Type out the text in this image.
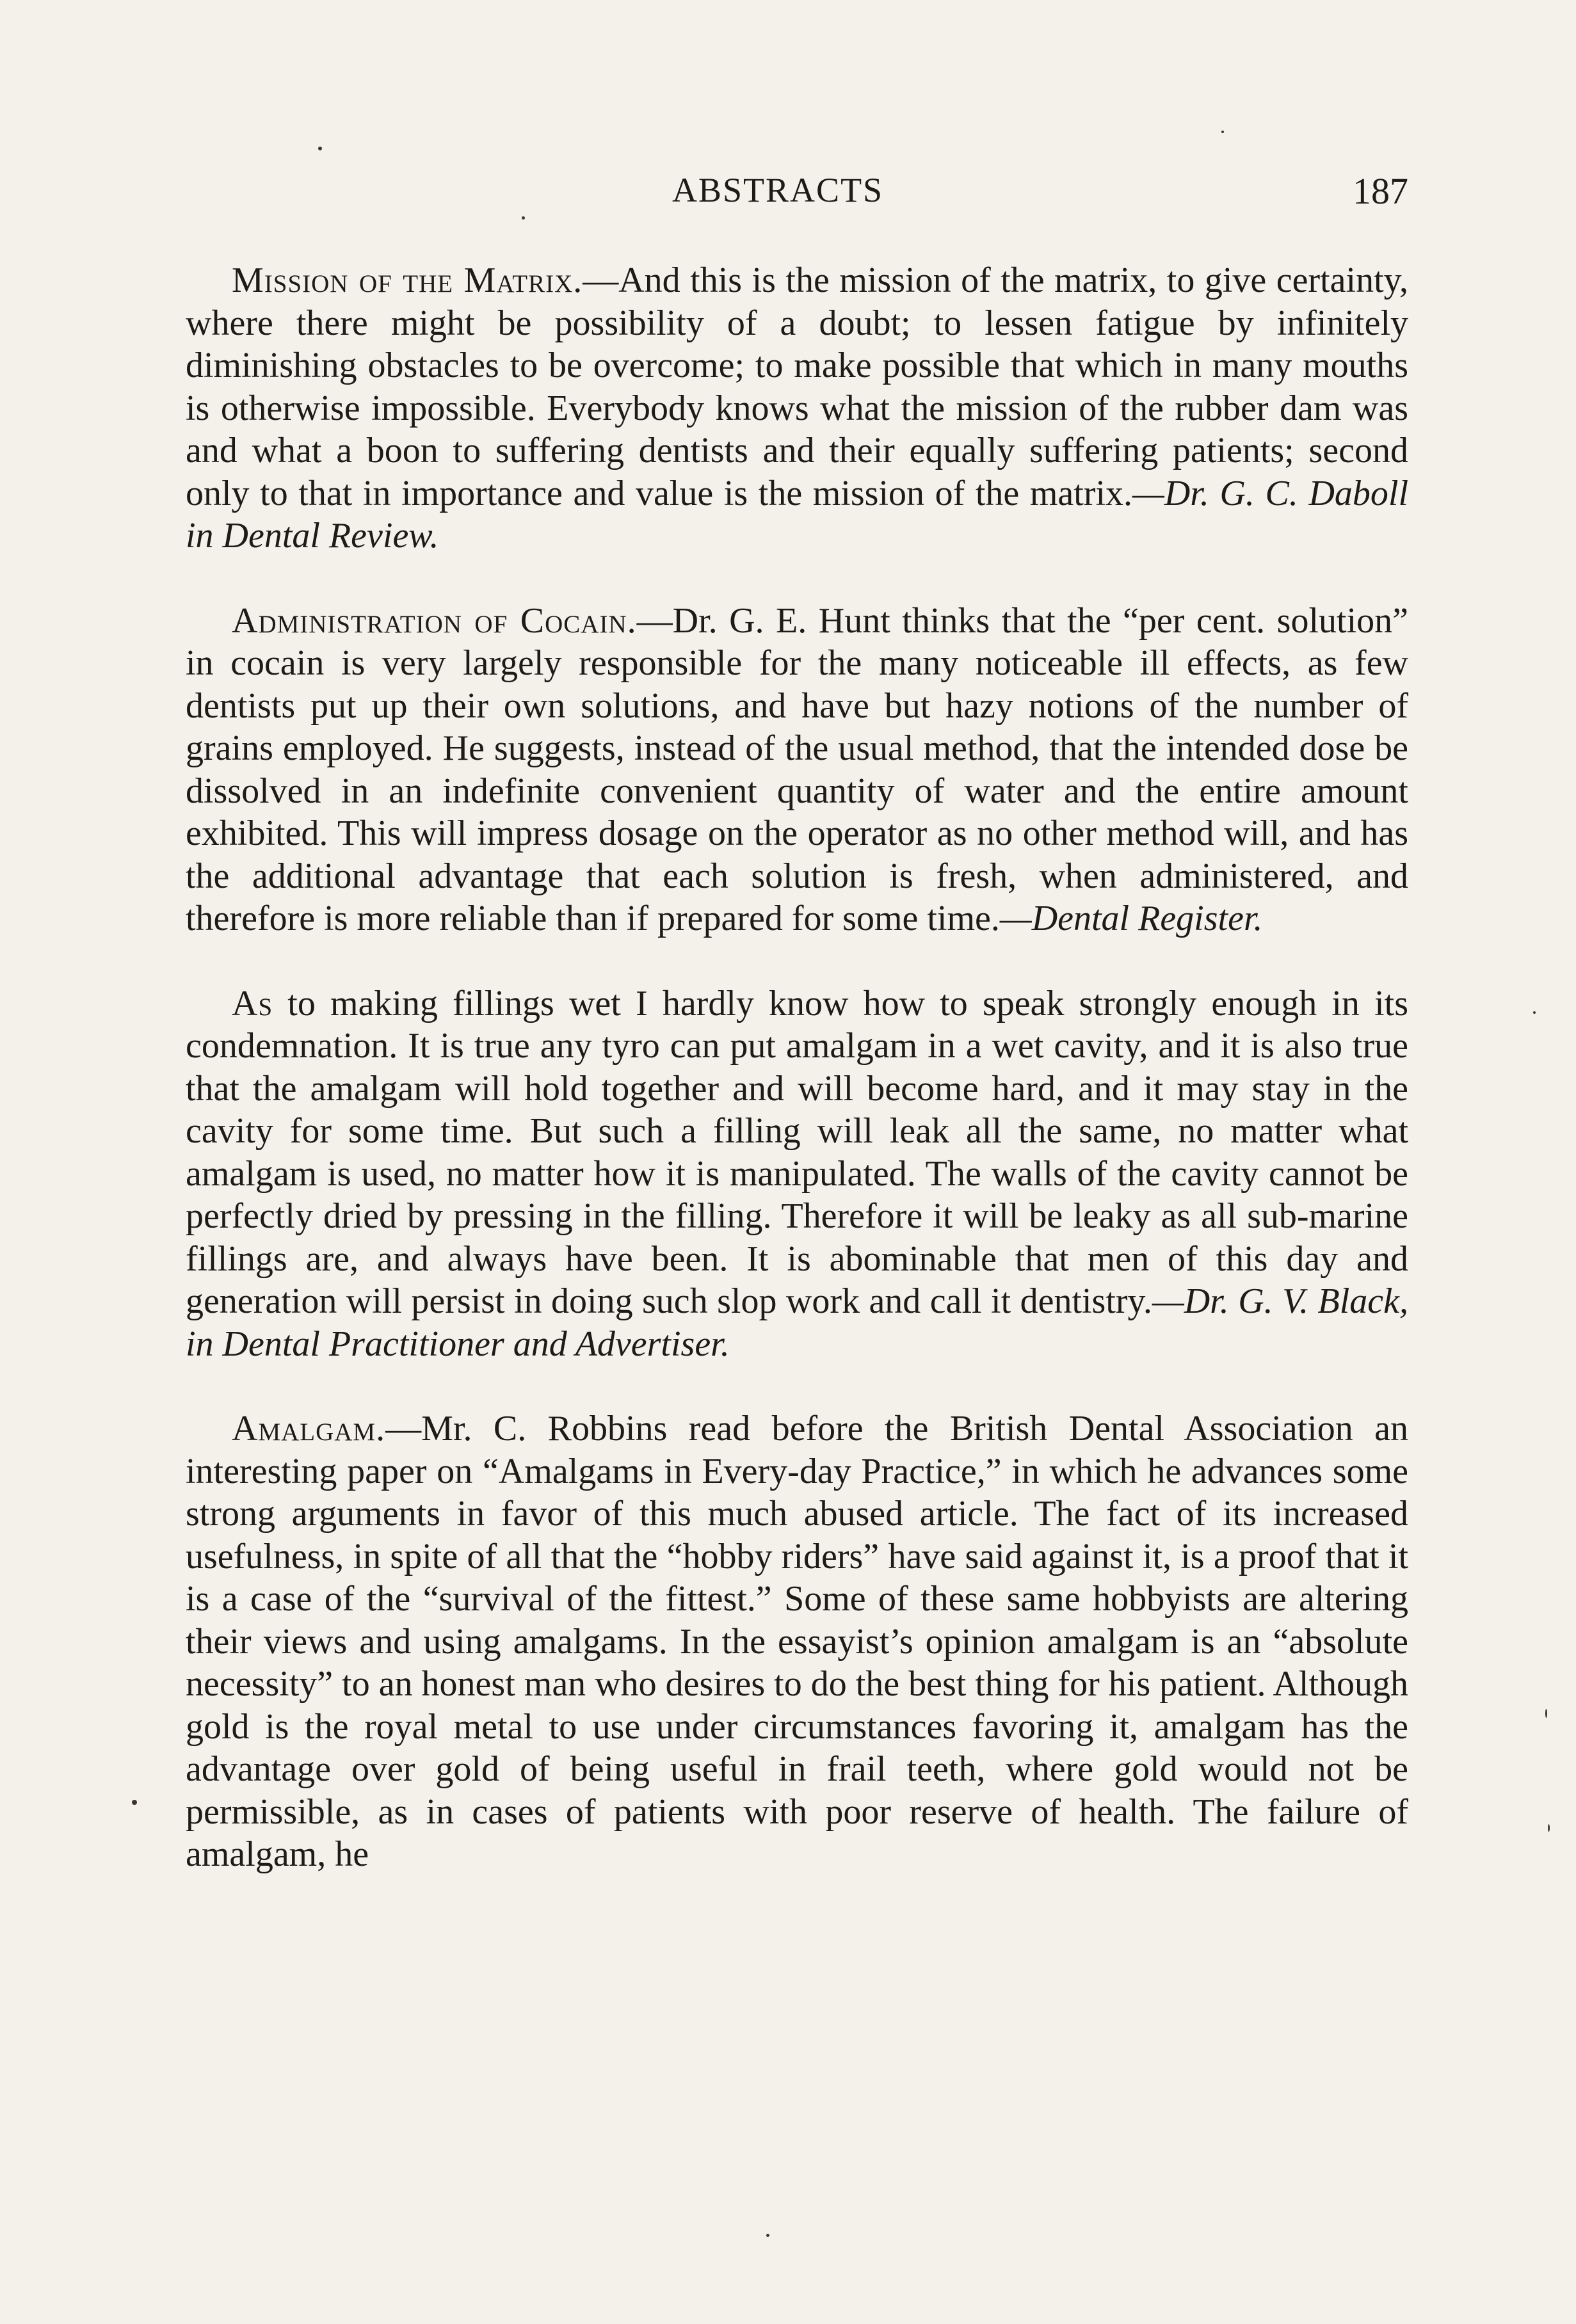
ABSTRACTS	187

Mission of the Matrix.—And this is the mission of the matrix, to give certainty, where there might be possibility of a doubt; to lessen fatigue by infinitely diminishing obstacles to be overcome; to make possible that which in many mouths is otherwise impossible. Everybody knows what the mission of the rubber dam was and what a boon to suffering dentists and their equally suffering patients; second only to that in importance and value is the mission of the matrix.—Dr. G. C. Daboll in Dental Review.

Administration of Cocain.—Dr. G. E. Hunt thinks that the “per cent. solution” in cocain is very largely responsible for the many noticeable ill effects, as few dentists put up their own solutions, and have but hazy notions of the number of grains employed. He suggests, instead of the usual method, that the intended dose be dissolved in an indefinite convenient quantity of water and the entire amount exhibited. This will impress dosage on the operator as no other method will, and has the additional advantage that each solution is fresh, when administered, and therefore is more reliable than if prepared for some time.—Dental Register.

As to making fillings wet I hardly know how to speak strongly enough in its condemnation. It is true any tyro can put amalgam in a wet cavity, and it is also true that the amalgam will hold together and will become hard, and it may stay in the cavity for some time. But such a filling will leak all the same, no matter what amalgam is used, no matter how it is manipulated. The walls of the cavity cannot be perfectly dried by pressing in the filling. Therefore it will be leaky as all sub-marine fillings are, and always have been. It is abominable that men of this day and generation will persist in doing such slop work and call it dentistry.—Dr. G. V. Black, in Dental Practitioner and Advertiser.

Amalgam.—Mr. C. Robbins read before the British Dental Association an interesting paper on “Amalgams in Every-day Practice,” in which he advances some strong arguments in favor of this much abused article. The fact of its increased usefulness, in spite of all that the “hobby riders” have said against it, is a proof that it is a case of the “survival of the fittest.” Some of these same hobbyists are altering their views and using amalgams. In the essayist’s opinion amalgam is an “absolute necessity” to an honest man who desires to do the best thing for his patient. Although gold is the royal metal to use under circumstances favoring it, amalgam has the advantage over gold of being useful in frail teeth, where gold would not be permissible, as in cases of patients with poor reserve of health. The failure of amalgam, he
